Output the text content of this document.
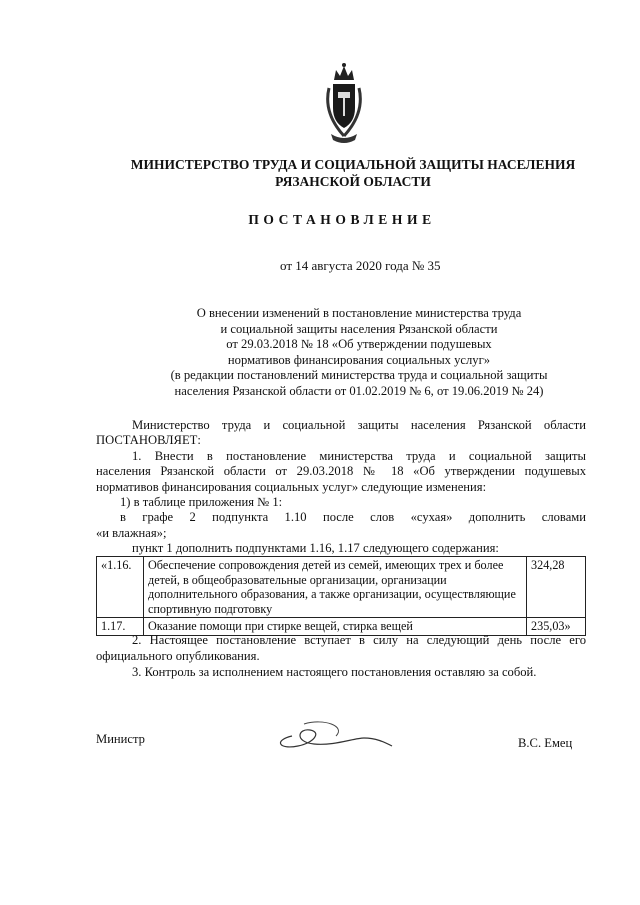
МИНИСТЕРСТВО ТРУДА И СОЦИАЛЬНОЙ ЗАЩИТЫ НАСЕЛЕНИЯ
РЯЗАНСКОЙ ОБЛАСТИ
ПОСТАНОВЛЕНИЕ
от 14 августа 2020 года № 35
О внесении изменений в постановление министерства труда
и социальной защиты населения Рязанской области
от 29.03.2018 № 18 «Об утверждении подушевых
нормативов финансирования социальных услуг»
(в редакции постановлений министерства труда и социальной защиты
населения Рязанской области от 01.02.2019 № 6, от 19.06.2019 № 24)
Министерство труда и социальной защиты населения Рязанской области
ПОСТАНОВЛЯЕТ:
1. Внести в постановление министерства труда и социальной защиты
населения Рязанской области от 29.03.2018 № 18 «Об утверждении подушевых
нормативов финансирования социальных услуг» следующие изменения:
1) в таблице приложения № 1:
в графе 2 подпункта 1.10 после слов «сухая» дополнить словами
«и влажная»;
пункт 1 дополнить подпунктами 1.16, 1.17 следующего содержания:
«1.16.	Обеспечение сопровождения детей из семей, имеющих трех и более детей, в общеобразовательные организации, организации дополнительного образования, а также организации, осуществляющие спортивную подготовку	324,28
1.17.	Оказание помощи при стирке вещей, стирка вещей	235,03»
2. Настоящее постановление вступает в силу на следующий день после его
официального опубликования.
3. Контроль за исполнением настоящего постановления оставляю за собой.
Министр	В.С. Емец
